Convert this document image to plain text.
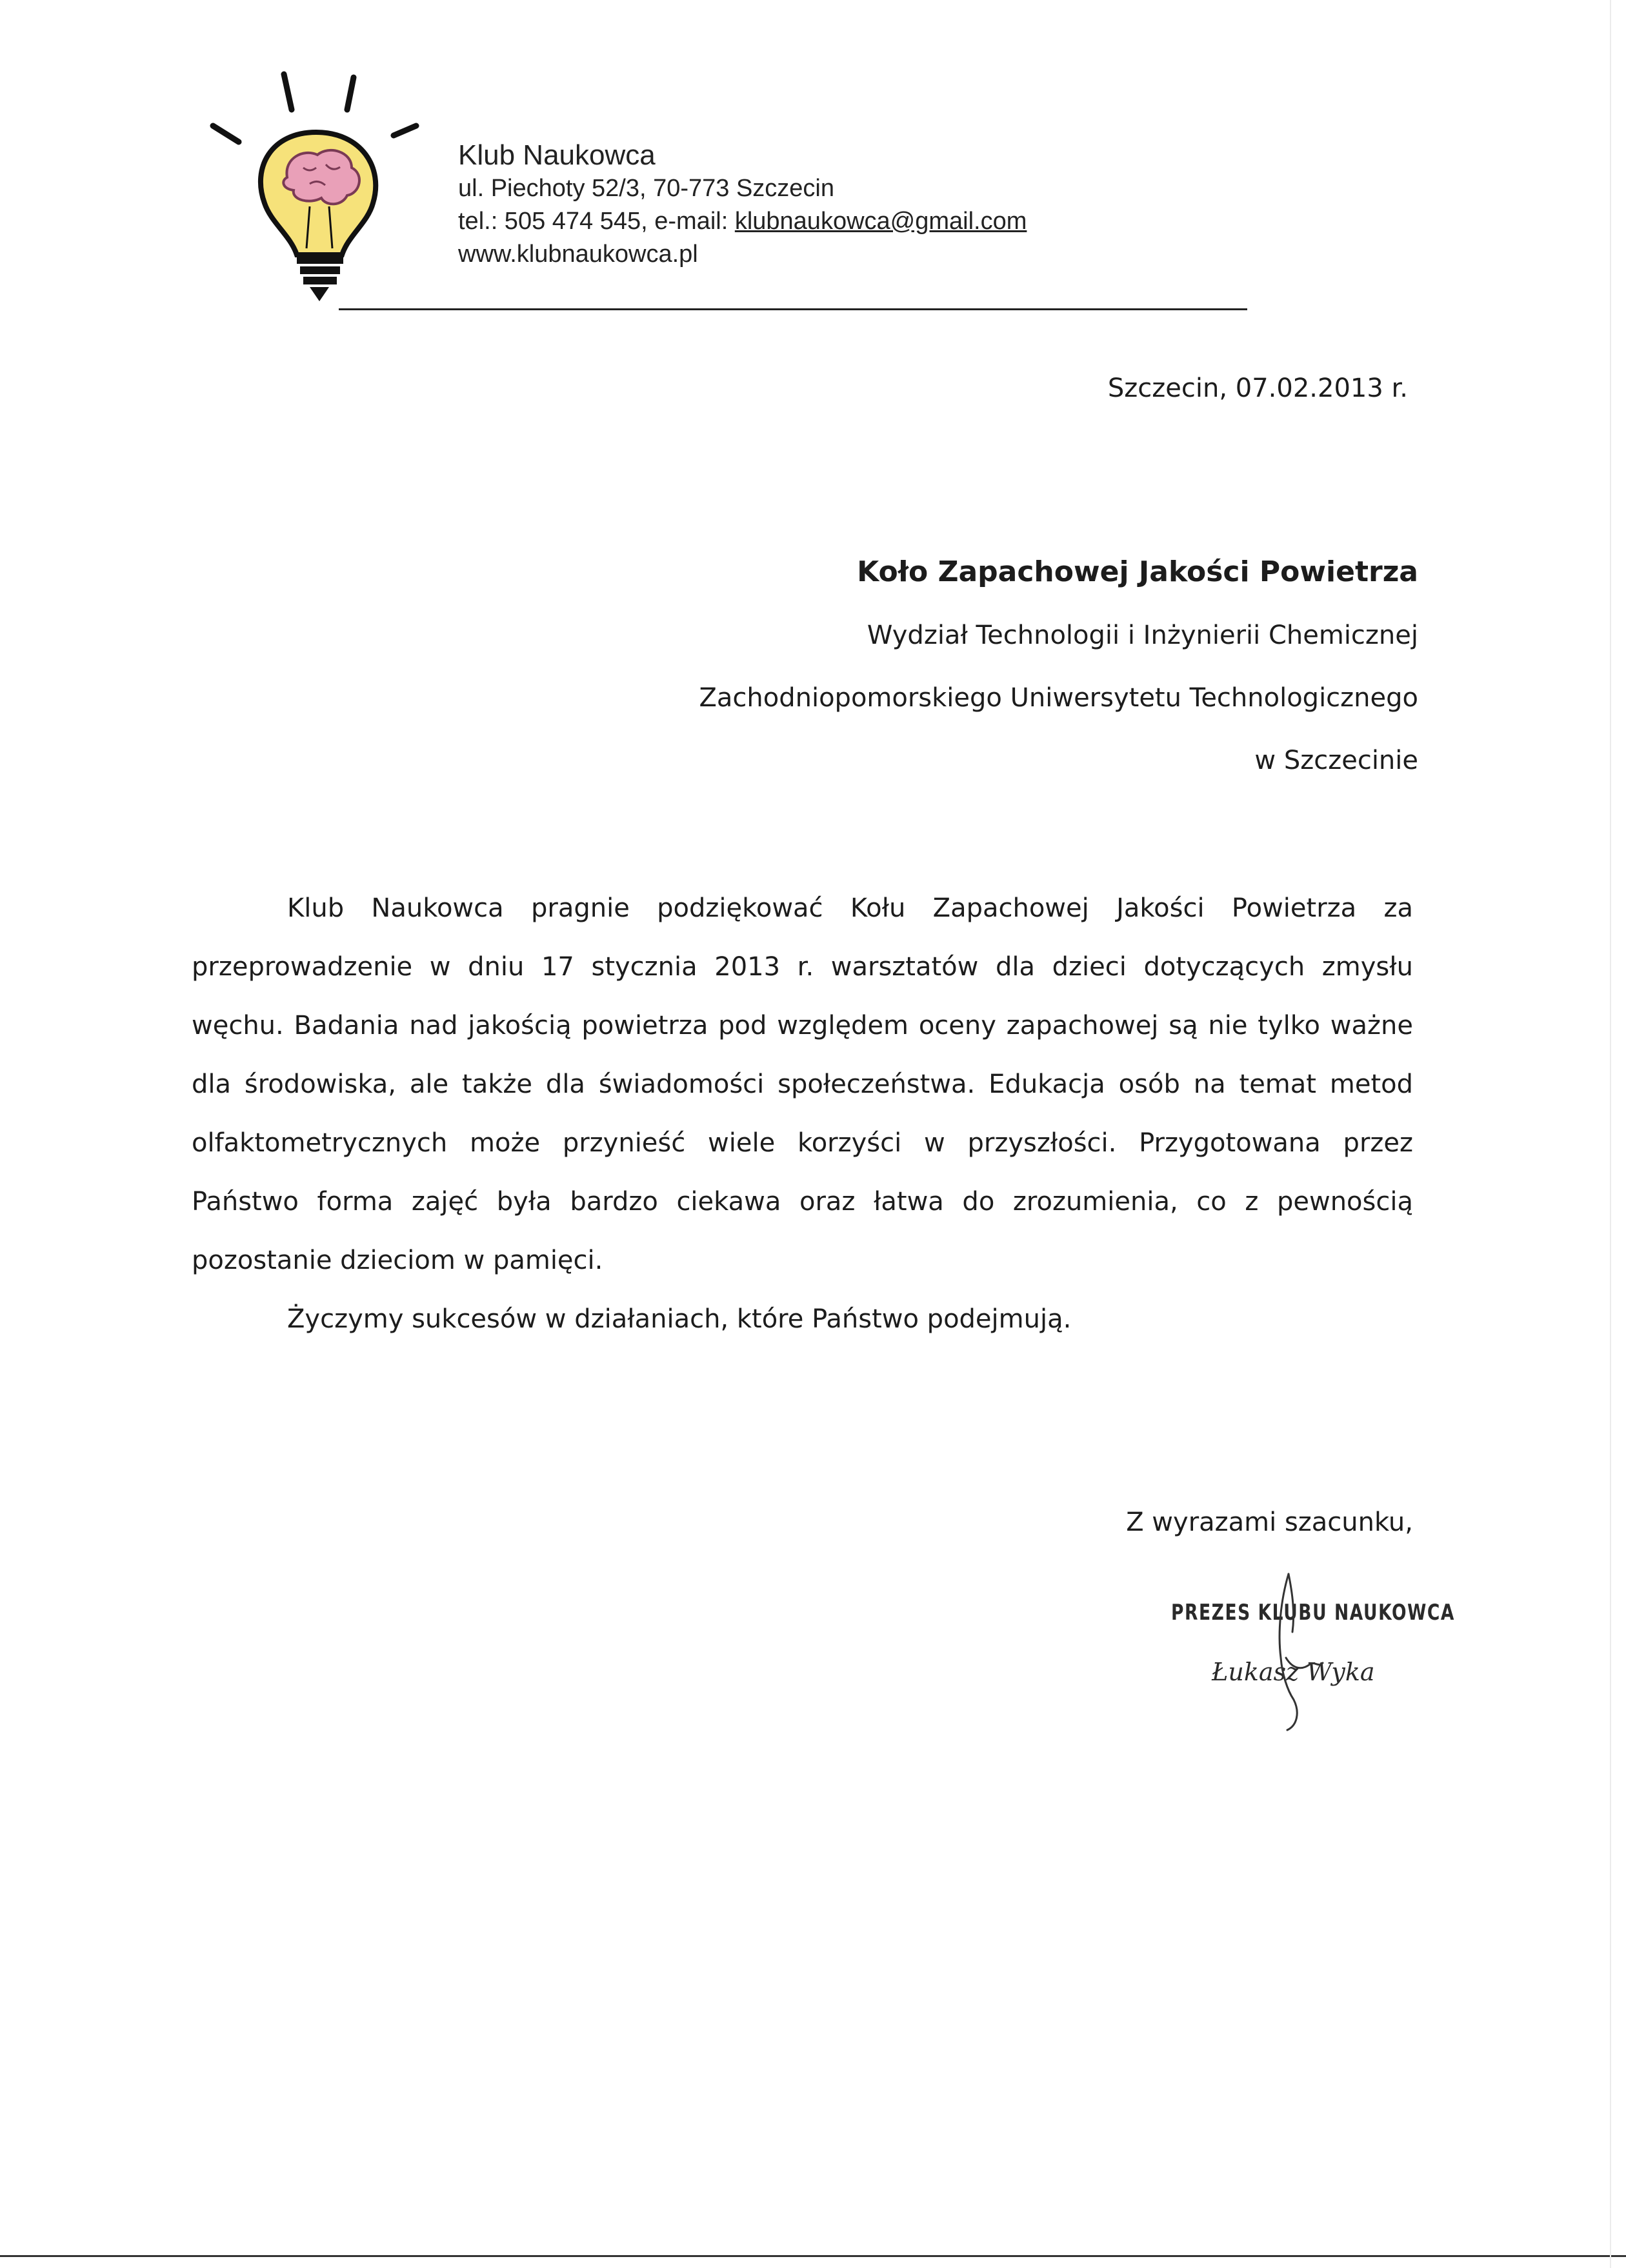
Klub Naukowca
ul. Piechoty 52/3, 70-773 Szczecin
tel.: 505 474 545, e-mail: klubnaukowca@gmail.com
www.klubnaukowca.pl
Szczecin, 07.02.2013 r.
Koło Zapachowej Jakości Powietrza
Wydział Technologii i Inżynierii Chemicznej
Zachodniopomorskiego Uniwersytetu Technologicznego
w Szczecinie

Klub Naukowca pragnie podziękować Kołu Zapachowej Jakości Powietrza za przeprowadzenie w dniu 17 stycznia 2013 r. warsztatów dla dzieci dotyczących zmysłu węchu. Badania nad jakością powietrza pod względem oceny zapachowej są nie tylko ważne dla środowiska, ale także dla świadomości społeczeństwa. Edukacja osób na temat metod olfaktometrycznych może przynieść wiele korzyści w przyszłości. Przygotowana przez Państwo forma zajęć była bardzo ciekawa oraz łatwa do zrozumienia, co z pewnością pozostanie dzieciom w pamięci.

Życzymy sukcesów w działaniach, które Państwo podejmują.

Z wyrazami szacunku,
PREZES KLUBU NAUKOWCA
Łukasz Wyka
